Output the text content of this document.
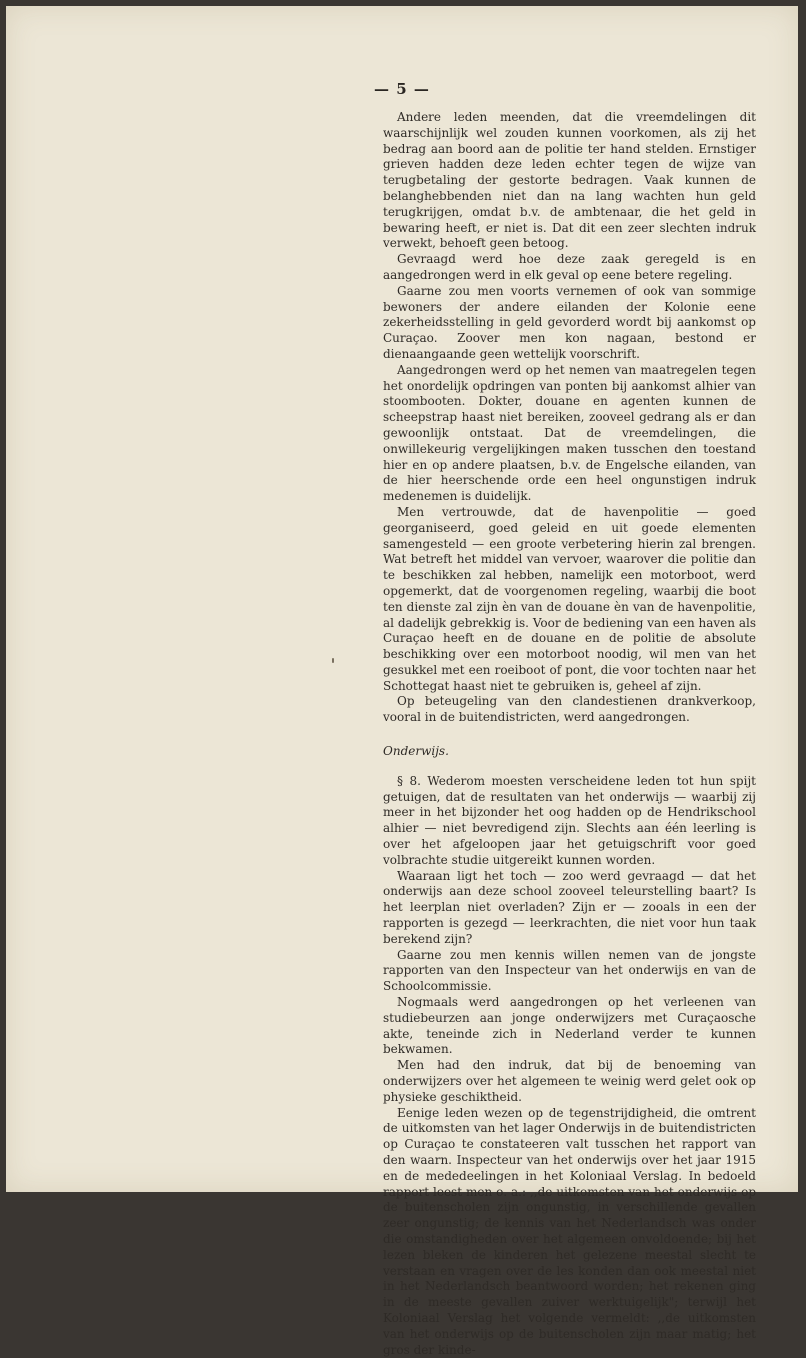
— 5 —

Andere leden meenden, dat die vreemdelingen dit waarschijnlijk wel zouden kunnen voorkomen, als zij het bedrag aan boord aan de politie ter hand stelden. Ernstiger grieven hadden deze leden echter tegen de wijze van terugbetaling der gestorte bedragen. Vaak kunnen de belanghebbenden niet dan na lang wachten hun geld terugkrijgen, omdat b.v. de ambtenaar, die het geld in bewaring heeft, er niet is. Dat dit een zeer slechten indruk verwekt, behoeft geen betoog.

Gevraagd werd hoe deze zaak geregeld is en aangedrongen werd in elk geval op eene betere regeling.

Gaarne zou men voorts vernemen of ook van sommige bewoners der andere eilanden der Kolonie eene zekerheidsstelling in geld gevorderd wordt bij aankomst op Curaçao. Zoover men kon nagaan, bestond er dienaangaande geen wettelijk voorschrift.

Aangedrongen werd op het nemen van maatregelen tegen het onordelijk opdringen van ponten bij aankomst alhier van stoombooten. Dokter, douane en agenten kunnen de scheepstrap haast niet bereiken, zooveel gedrang als er dan gewoonlijk ontstaat. Dat de vreemdelingen, die onwillekeurig vergelijkingen maken tusschen den toestand hier en op andere plaatsen, b.v. de Engelsche eilanden, van de hier heerschende orde een heel ongunstigen indruk medenemen is duidelijk.

Men vertrouwde, dat de havenpolitie — goed georganiseerd, goed geleid en uit goede elementen samengesteld — een groote verbetering hierin zal brengen. Wat betreft het middel van vervoer, waarover die politie dan te beschikken zal hebben, namelijk een motorboot, werd opgemerkt, dat de voorgenomen regeling, waarbij die boot ten dienste zal zijn èn van de douane èn van de havenpolitie, al dadelijk gebrekkig is. Voor de bediening van een haven als Curaçao heeft en de douane en de politie de absolute beschikking over een motorboot noodig, wil men van het gesukkel met een roeiboot of pont, die voor tochten naar het Schottegat haast niet te gebruiken is, geheel af zijn.

Op beteugeling van den clandestienen drankverkoop, vooral in de buitendistricten, werd aangedrongen.

Onderwijs.

§ 8. Wederom moesten verscheidene leden tot hun spijt getuigen, dat de resultaten van het onderwijs — waarbij zij meer in het bijzonder het oog hadden op de Hendrikschool alhier — niet bevredigend zijn. Slechts aan één leerling is over het afgeloopen jaar het getuigschrift voor goed volbrachte studie uitgereikt kunnen worden.

Waaraan ligt het toch — zoo werd gevraagd — dat het onderwijs aan deze school zooveel teleurstelling baart? Is het leerplan niet overladen? Zijn er — zooals in een der rapporten is gezegd — leerkrachten, die niet voor hun taak berekend zijn?

Gaarne zou men kennis willen nemen van de jongste rapporten van den Inspecteur van het onderwijs en van de Schoolcommissie.

Nogmaals werd aangedrongen op het verleenen van studiebeurzen aan jonge onderwijzers met Curaçaosche akte, teneinde zich in Nederland verder te kunnen bekwamen.

Men had den indruk, dat bij de benoeming van onderwijzers over het algemeen te weinig werd gelet ook op physieke geschiktheid.

Eenige leden wezen op de tegenstrijdigheid, die omtrent de uitkomsten van het lager Onderwijs in de buitendistricten op Curaçao te constateeren valt tusschen het rapport van den waarn. Inspecteur van het onderwijs over het jaar 1915 en de mededeelingen in het Koloniaal Verslag. In bedoeld rapport leest men o. a.: ,,de uitkomsten van het onderwijs op de buitenscholen zijn ongunstig, in verschillende gevallen zeer ongunstig; de kennis van het Nederlandsch was onder die omstandigheden over het algemeen onvoldoende; bij het lezen bleken de kinderen het gelezene meestal slecht te verstaan en vragen over de les konden dan ook meestal niet in het Nederlandsch beantwoord worden; het rekenen ging in de meeste gevallen zuiver werktuigelijk"; terwijl het Koloniaal Verslag het volgende vermeldt: ,,de uitkomsten van het onderwijs op de buitenscholen zijn maar matig; het gros der kinde-
